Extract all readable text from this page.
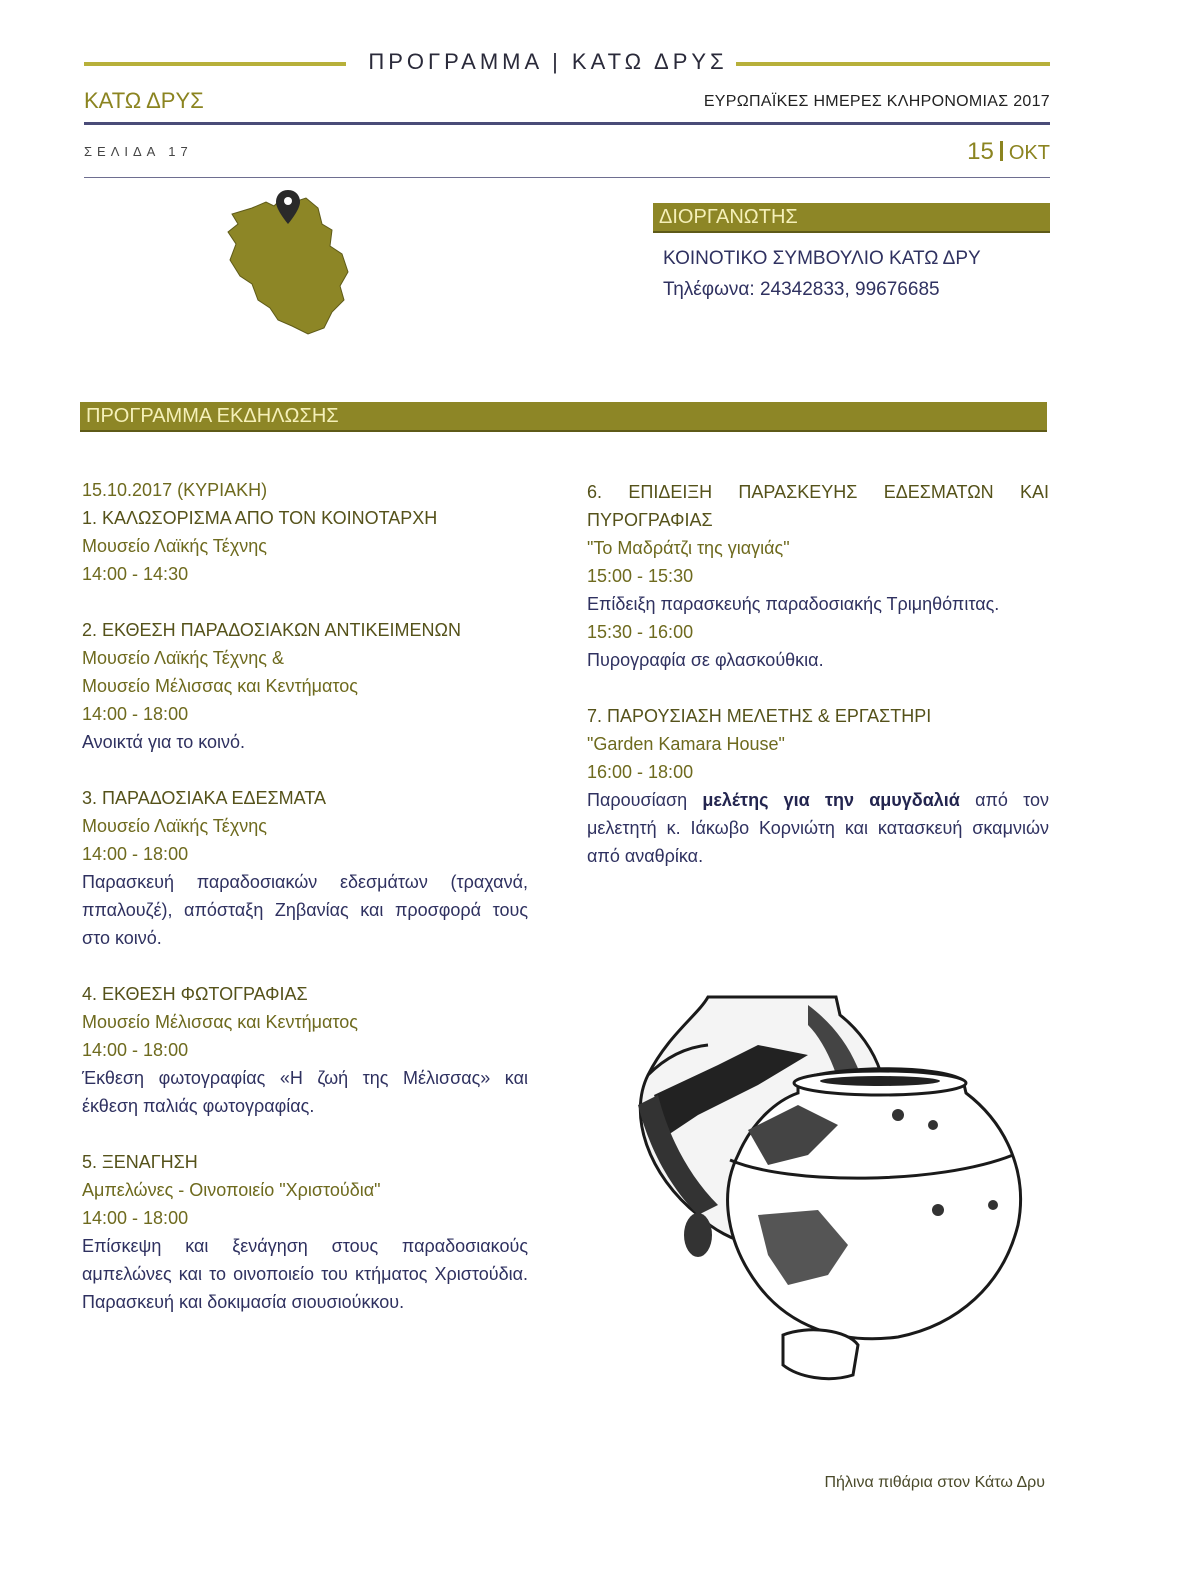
ΠΡΟΓΡΑΜΜΑ | ΚΑΤΩ ΔΡΥΣ
ΚΑΤΩ ΔΡΥΣ	ΕΥΡΩΠΑΪΚΕΣ ΗΜΕΡΕΣ ΚΛΗΡΟΝΟΜΙΑΣ 2017
ΣΕΛΙΔΑ 17	15 ΟΚΤ
ΔΙΟΡΓΑΝΩΤΗΣ
ΚΟΙΝΟΤΙΚΟ ΣΥΜΒΟΥΛΙΟ ΚΑΤΩ ΔΡΥ
Τηλέφωνα: 24342833, 99676685
ΠΡΟΓΡΑΜΜΑ ΕΚΔΗΛΩΣΗΣ
15.10.2017 (ΚΥΡΙΑΚΗ)
1. ΚΑΛΩΣΟΡΙΣΜΑ ΑΠΟ ΤΟΝ ΚΟΙΝΟΤΑΡΧΗ
Μουσείο Λαϊκής Τέχνης
14:00 - 14:30
2. ΕΚΘΕΣΗ ΠΑΡΑΔΟΣΙΑΚΩΝ ΑΝΤΙΚΕΙΜΕΝΩΝ
Μουσείο Λαϊκής Τέχνης &
Μουσείο Μέλισσας και Κεντήματος
14:00 - 18:00
Ανοικτά για το κοινό.
3. ΠΑΡΑΔΟΣΙΑΚΑ ΕΔΕΣΜΑΤΑ
Μουσείο Λαϊκής Τέχνης
14:00 - 18:00
Παρασκευή παραδοσιακών εδεσμάτων (τραχανά, ππαλουζέ), απόσταξη Ζηβανίας και προσφορά τους στο κοινό.
4. ΕΚΘΕΣΗ ΦΩΤΟΓΡΑΦΙΑΣ
Μουσείο Μέλισσας και Κεντήματος
14:00 - 18:00
Έκθεση φωτογραφίας «Η ζωή της Μέλισσας» και έκθεση παλιάς φωτογραφίας.
5. ΞΕΝΑΓΗΣΗ
Αμπελώνες - Οινοποιείο "Χριστούδια"
14:00 - 18:00
Επίσκεψη και ξενάγηση στους παραδοσιακούς αμπελώνες και το οινοποιείο του κτήματος Χριστούδια. Παρασκευή και δοκιμασία σιουσιούκκου.
6. ΕΠΙΔΕΙΞΗ ΠΑΡΑΣΚΕΥΗΣ ΕΔΕΣΜΑΤΩΝ ΚΑΙ ΠΥΡΟΓΡΑΦΙΑΣ
"Το Μαδράτζι της γιαγιάς"
15:00 - 15:30
Επίδειξη παρασκευής παραδοσιακής Τριμηθόπιτας.
15:30 - 16:00
Πυρογραφία σε φλασκούθκια.
7. ΠΑΡΟΥΣΙΑΣΗ ΜΕΛΕΤΗΣ & ΕΡΓΑΣΤΗΡΙ
"Garden Kamara House"
16:00 - 18:00
Παρουσίαση μελέτης για την αμυγδαλιά από τον μελετητή κ. Ιάκωβο Κορνιώτη και κατασκευή σκαμνιών από αναθρίκα.
Πήλινα πιθάρια στον Κάτω Δρυ
